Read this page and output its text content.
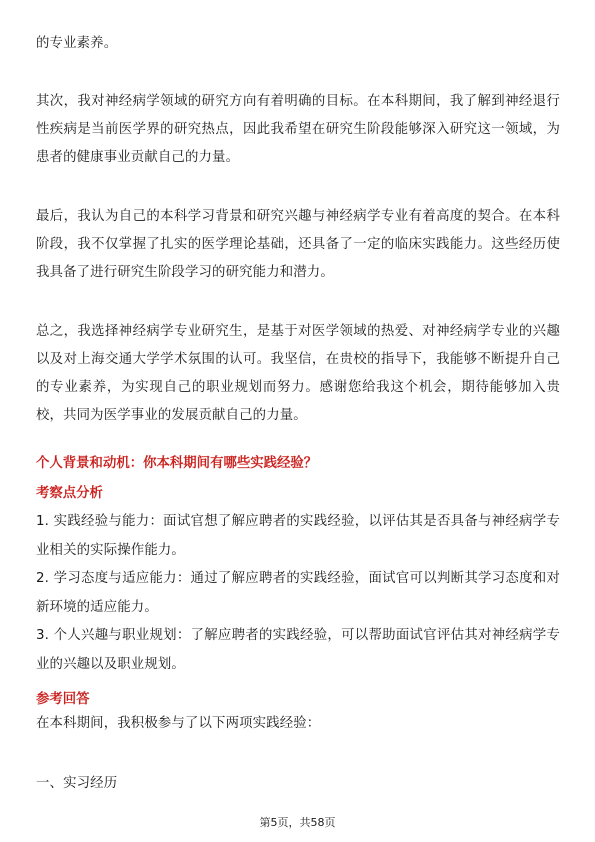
的专业素养。

其次，我对神经病学领域的研究方向有着明确的目标。在本科期间，我了解到神经退行性疾病是当前医学界的研究热点，因此我希望在研究生阶段能够深入研究这一领域，为患者的健康事业贡献自己的力量。

最后，我认为自己的本科学习背景和研究兴趣与神经病学专业有着高度的契合。在本科阶段，我不仅掌握了扎实的医学理论基础，还具备了一定的临床实践能力。这些经历使我具备了进行研究生阶段学习的研究能力和潜力。

总之，我选择神经病学专业研究生，是基于对医学领域的热爱、对神经病学专业的兴趣以及对上海交通大学学术氛围的认可。我坚信，在贵校的指导下，我能够不断提升自己的专业素养，为实现自己的职业规划而努力。感谢您给我这个机会，期待能够加入贵校，共同为医学事业的发展贡献自己的力量。

个人背景和动机：你本科期间有哪些实践经验？
考察点分析
1. 实践经验与能力：面试官想了解应聘者的实践经验，以评估其是否具备与神经病学专业相关的实际操作能力。
2. 学习态度与适应能力：通过了解应聘者的实践经验，面试官可以判断其学习态度和对新环境的适应能力。
3. 个人兴趣与职业规划：了解应聘者的实践经验，可以帮助面试官评估其对神经病学专业的兴趣以及职业规划。
参考回答

在本科期间，我积极参与了以下两项实践经验：

一、实习经历

第5页，共58页
